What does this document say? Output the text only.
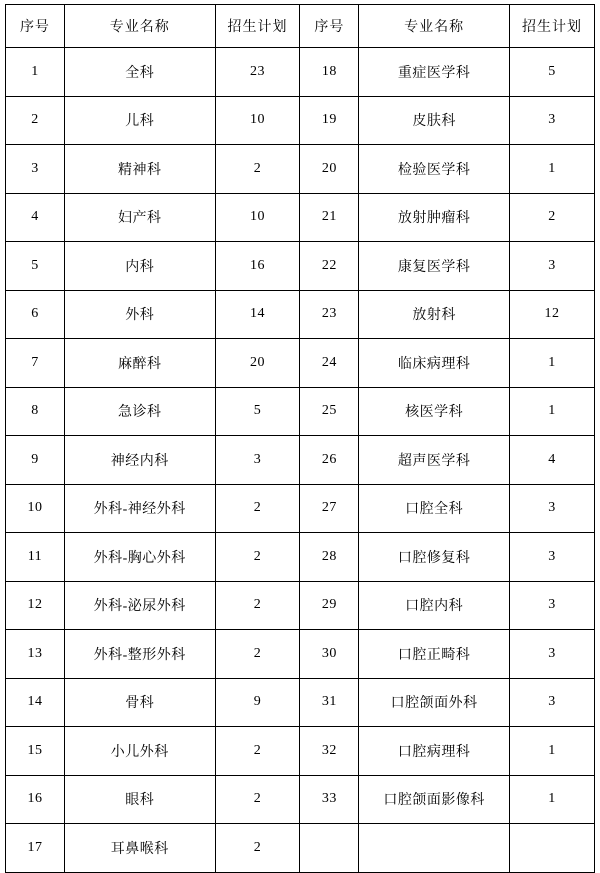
序号	专业名称	招生计划	序号	专业名称	招生计划
1	全科	23	18	重症医学科	5
2	儿科	10	19	皮肤科	3
3	精神科	2	20	检验医学科	1
4	妇产科	10	21	放射肿瘤科	2
5	内科	16	22	康复医学科	3
6	外科	14	23	放射科	12
7	麻醉科	20	24	临床病理科	1
8	急诊科	5	25	核医学科	1
9	神经内科	3	26	超声医学科	4
10	外科-神经外科	2	27	口腔全科	3
11	外科-胸心外科	2	28	口腔修复科	3
12	外科-泌尿外科	2	29	口腔内科	3
13	外科-整形外科	2	30	口腔正畸科	3
14	骨科	9	31	口腔颌面外科	3
15	小儿外科	2	32	口腔病理科	1
16	眼科	2	33	口腔颌面影像科	1
17	耳鼻喉科	2			
